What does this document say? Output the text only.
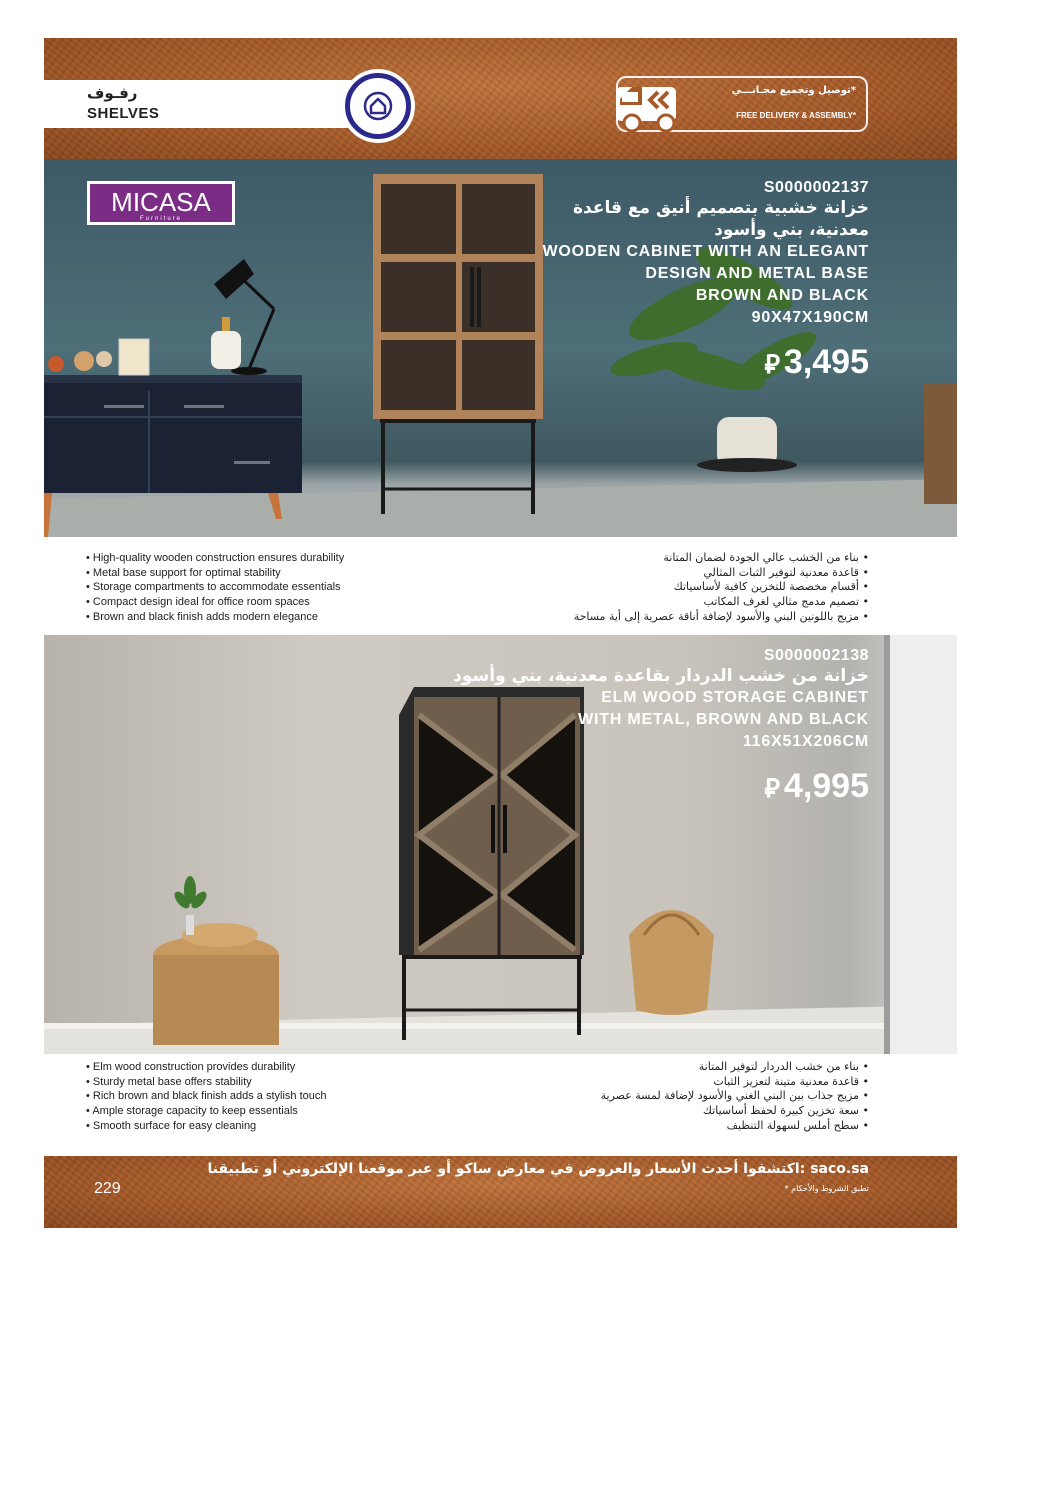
رفـوف
SHELVES
توصيل وتجميع مجـانـــي*
FREE DELIVERY & ASSEMBLY*
MICASA
Furniture
S0000002137
خزانة خشبية بتصميم أنيق مع قاعدة
معدنية، بني وأسود
WOODEN CABINET WITH AN ELEGANT
DESIGN AND METAL BASE
BROWN AND BLACK
90X47X190CM
⃁ 3,495
• High-quality wooden construction ensures durability
• Metal base support for optimal stability
• Storage compartments to accommodate essentials
• Compact design ideal for office room spaces
• Brown and black finish adds modern elegance
• بناء من الخشب عالي الجودة لضمان المتانة
• قاعدة معدنية لتوفير الثبات المثالي
• أقسام مخصصة للتخزين كافية لأساسياتك
• تصميم مدمج مثالي لغرف المكاتب
• مزيج باللونين البني والأسود لإضافة أناقة عصرية إلى أية مساحة
S0000002138
خزانة من خشب الدردار بقاعدة معدنية، بني وأسود
ELM WOOD STORAGE CABINET
WITH METAL, BROWN AND BLACK
116X51X206CM
⃁ 4,995
• Elm wood construction provides durability
• Sturdy metal base offers stability
• Rich brown and black finish adds a stylish touch
• Ample storage capacity to keep essentials
• Smooth surface for easy cleaning
• بناء من خشب الدردار لتوفير المتانة
• قاعدة معدنية متينة لتعزيز الثبات
• مزيج جذاب بين البني الغني والأسود لإضافة لمسة عصرية
• سعة تخزين كبيرة لحفظ أساسياتك
• سطح أملس لسهولة التنظيف
229
اكتشفوا أحدث الأسعار والعروض في معارض ساكو أو عبر موقعنا الإلكتروني أو تطبيقنا: saco.sa
* تطبق الشروط والأحكام
